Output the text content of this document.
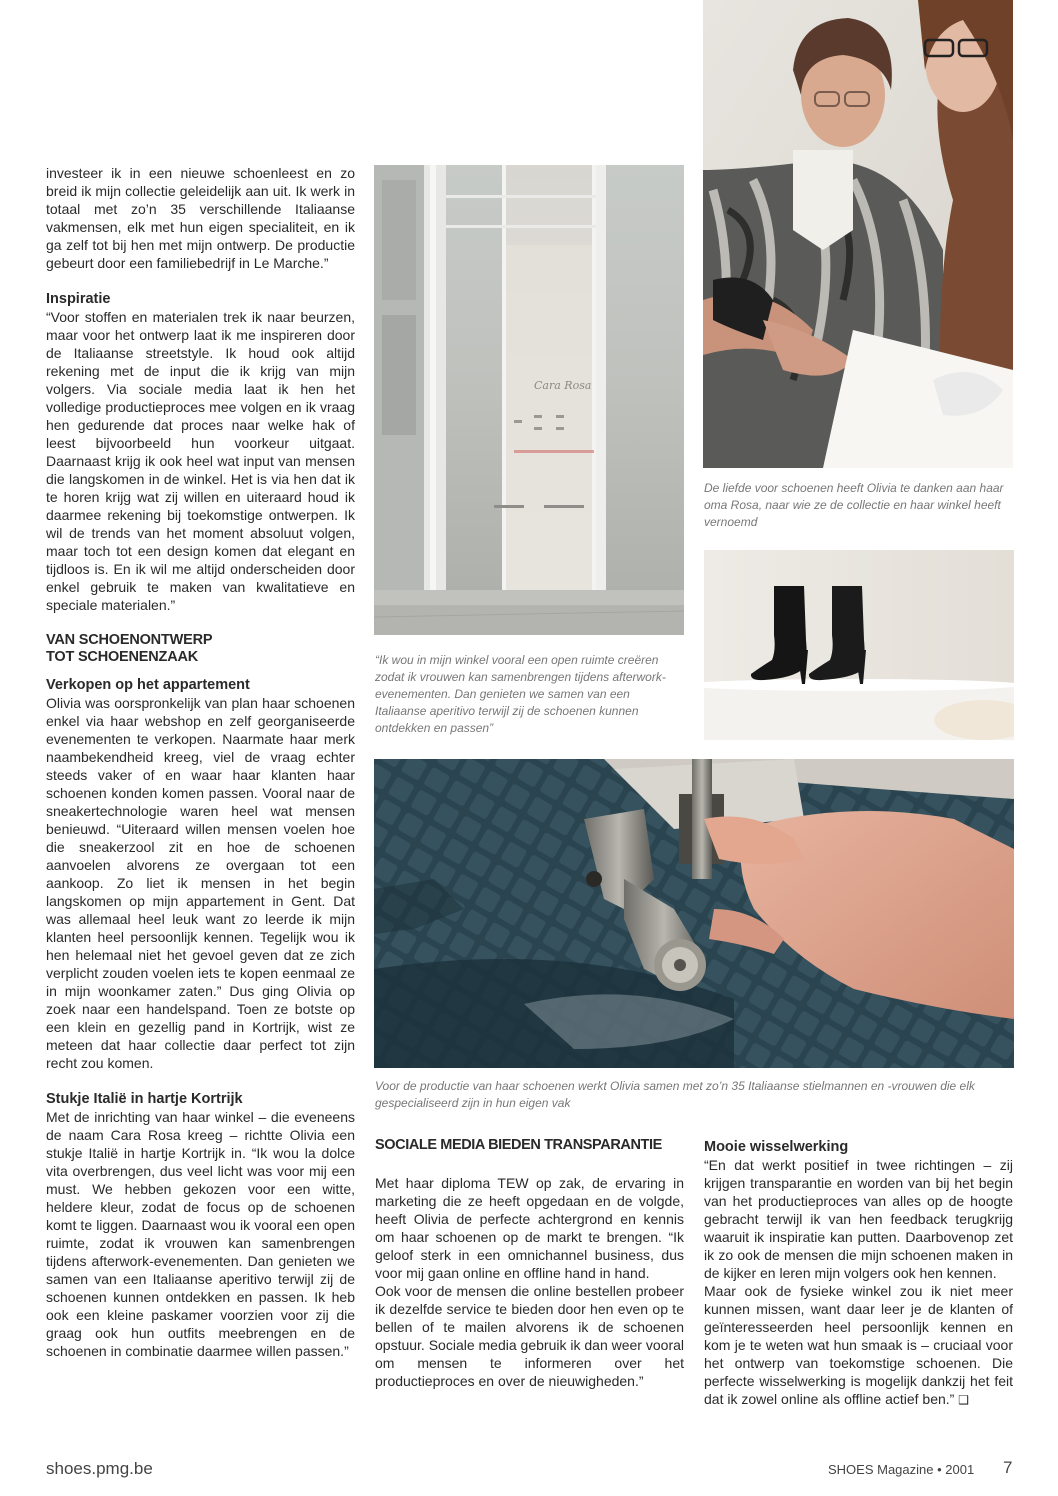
investeer ik in een nieuwe schoenleest en zo breid ik mijn collectie geleidelijk aan uit. Ik werk in totaal met zo’n 35 verschillende Italiaanse vakmensen, elk met hun eigen specialiteit, en ik ga zelf tot bij hen met mijn ontwerp. De productie gebeurt door een familiebedrijf in Le Marche.”

Inspiratie

“Voor stoffen en materialen trek ik naar beurzen, maar voor het ontwerp laat ik me inspireren door de Italiaanse streetstyle. Ik houd ook altijd rekening met de input die ik krijg van mijn volgers. Via sociale media laat ik hen het volledige productieproces mee volgen en ik vraag hen gedurende dat proces naar welke hak of leest bijvoorbeeld hun voorkeur uitgaat. Daarnaast krijg ik ook heel wat input van mensen die langskomen in de winkel. Het is via hen dat ik te horen krijg wat zij willen en uiteraard houd ik daarmee rekening bij toekomstige ontwerpen. Ik wil de trends van het moment absoluut volgen, maar toch tot een design komen dat elegant en tijdloos is. En ik wil me altijd onderscheiden door enkel gebruik te maken van kwalitatieve en speciale materialen.”

VAN SCHOENONTWERP
TOT SCHOENENZAAK
Verkopen op het appartement

Olivia was oorspronkelijk van plan haar schoenen enkel via haar webshop en zelf georganiseerde evenementen te verkopen. Naarmate haar merk naambekendheid kreeg, viel de vraag echter steeds vaker of en waar haar klanten haar schoenen konden komen passen. Vooral naar de sneakertechnologie waren heel wat mensen benieuwd. “Uiteraard willen mensen voelen hoe die sneakerzool zit en hoe de schoenen aanvoelen alvorens ze overgaan tot een aankoop. Zo liet ik mensen in het begin langskomen op mijn appartement in Gent. Dat was allemaal heel leuk want zo leerde ik mijn klanten heel persoonlijk kennen. Tegelijk wou ik hen helemaal niet het gevoel geven dat ze zich verplicht zouden voelen iets te kopen eenmaal ze in mijn woonkamer zaten.” Dus ging Olivia op zoek naar een handelspand. Toen ze botste op een klein en gezellig pand in Kortrijk, wist ze meteen dat haar collectie daar perfect tot zijn recht zou komen.

Stukje Italië in hartje Kortrijk

Met de inrichting van haar winkel – die eveneens de naam Cara Rosa kreeg – richtte Olivia een stukje Italië in hartje Kortrijk in. “Ik wou la dolce vita overbrengen, dus veel licht was voor mij een must. We hebben gekozen voor een witte, heldere kleur, zodat de focus op de schoenen komt te liggen. Daarnaast wou ik vooral een open ruimte, zodat ik vrouwen kan samenbrengen tijdens afterwork-evenementen. Dan genieten we samen van een Italiaanse aperitivo terwijl zij de schoenen kunnen ontdekken en passen. Ik heb ook een kleine paskamer voorzien voor zij die graag ook hun outfits meebrengen en de schoenen in combinatie daarmee willen passen.”

Cara Rosa
“Ik wou in mijn winkel vooral een open ruimte creëren zodat ik vrouwen kan samenbrengen tijdens afterwork-evenementen. Dan genieten we samen van een Italiaanse aperitivo terwijl zij de schoenen kunnen ontdekken en passen”
De liefde voor schoenen heeft Olivia te danken aan haar oma Rosa, naar wie ze de collectie en haar winkel heeft vernoemd
Voor de productie van haar schoenen werkt Olivia samen met zo’n 35 Italiaanse stielmannen en -vrouwen die elk gespecialiseerd zijn in hun eigen vak
SOCIALE MEDIA BIEDEN TRANSPARANTIE

Met haar diploma TEW op zak, de ervaring in marketing die ze heeft opgedaan en de volgde, heeft Olivia de perfecte achtergrond en kennis om haar schoenen op de markt te brengen. “Ik geloof sterk in een omnichannel business, dus voor mij gaan online en offline hand in hand.

Ook voor de mensen die online bestellen probeer ik dezelfde service te bieden door hen even op te bellen of te mailen alvorens ik de schoenen opstuur. Sociale media gebruik ik dan weer vooral om mensen te informeren over het productieproces en over de nieuwigheden.”

Mooie wisselwerking

“En dat werkt positief in twee richtingen – zij krijgen transparantie en worden van bij het begin van het productieproces van alles op de hoogte gebracht terwijl ik van hen feedback terugkrijg waaruit ik inspiratie kan putten. Daarbovenop zet ik zo ook de mensen die mijn schoenen maken in de kijker en leren mijn volgers ook hen kennen.

Maar ook de fysieke winkel zou ik niet meer kunnen missen, want daar leer je de klanten of geïnteresseerden heel persoonlijk kennen en kom je te weten wat hun smaak is – cruciaal voor het ontwerp van toekomstige schoenen. Die perfecte wisselwerking is mogelijk dankzij het feit dat ik zowel online als offline actief ben.” ❑

shoes.pmg.be	SHOES Magazine • 2001 7
